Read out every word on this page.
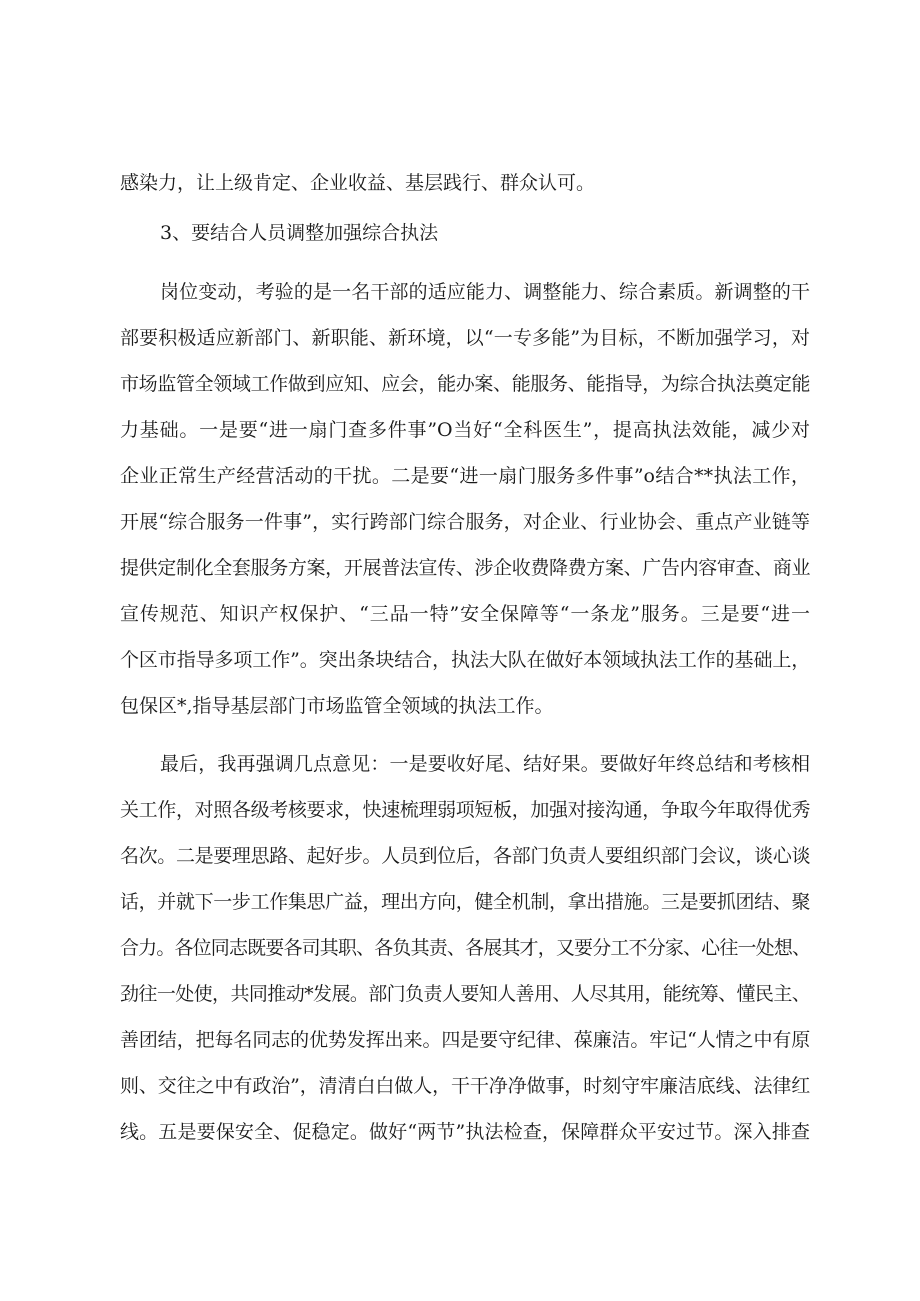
感染力，让上级肯定、企业收益、基层践行、群众认可。
3、要结合人员调整加强综合执法
岗位变动，考验的是一名干部的适应能力、调整能力、综合素质。新调整的干
部要积极适应新部门、新职能、新环境，以“一专多能”为目标，不断加强学习，对
市场监管全领域工作做到应知、应会，能办案、能服务、能指导，为综合执法奠定能
力基础。一是要“进一扇门查多件事”O当好“全科医生”，提高执法效能，减少对
企业正常生产经营活动的干扰。二是要“进一扇门服务多件事”o结合**执法工作，
开展“综合服务一件事”，实行跨部门综合服务，对企业、行业协会、重点产业链等
提供定制化全套服务方案，开展普法宣传、涉企收费降费方案、广告内容审查、商业
宣传规范、知识产权保护、“三品一特”安全保障等“一条龙”服务。三是要“进一
个区市指导多项工作”。突出条块结合，执法大队在做好本领域执法工作的基础上，
包保区*,指导基层部门市场监管全领域的执法工作。
最后，我再强调几点意见：一是要收好尾、结好果。要做好年终总结和考核相
关工作，对照各级考核要求，快速梳理弱项短板，加强对接沟通，争取今年取得优秀
名次。二是要理思路、起好步。人员到位后，各部门负责人要组织部门会议，谈心谈
话，并就下一步工作集思广益，理出方向，健全机制，拿出措施。三是要抓团结、聚
合力。各位同志既要各司其职、各负其责、各展其才，又要分工不分家、心往一处想、
劲往一处使，共同推动*发展。部门负责人要知人善用、人尽其用，能统筹、懂民主、
善团结，把每名同志的优势发挥出来。四是要守纪律、葆廉洁。牢记“人情之中有原
则、交往之中有政治”，清清白白做人，干干净净做事，时刻守牢廉洁底线、法律红
线。五是要保安全、促稳定。做好“两节”执法检查，保障群众平安过节。深入排查
